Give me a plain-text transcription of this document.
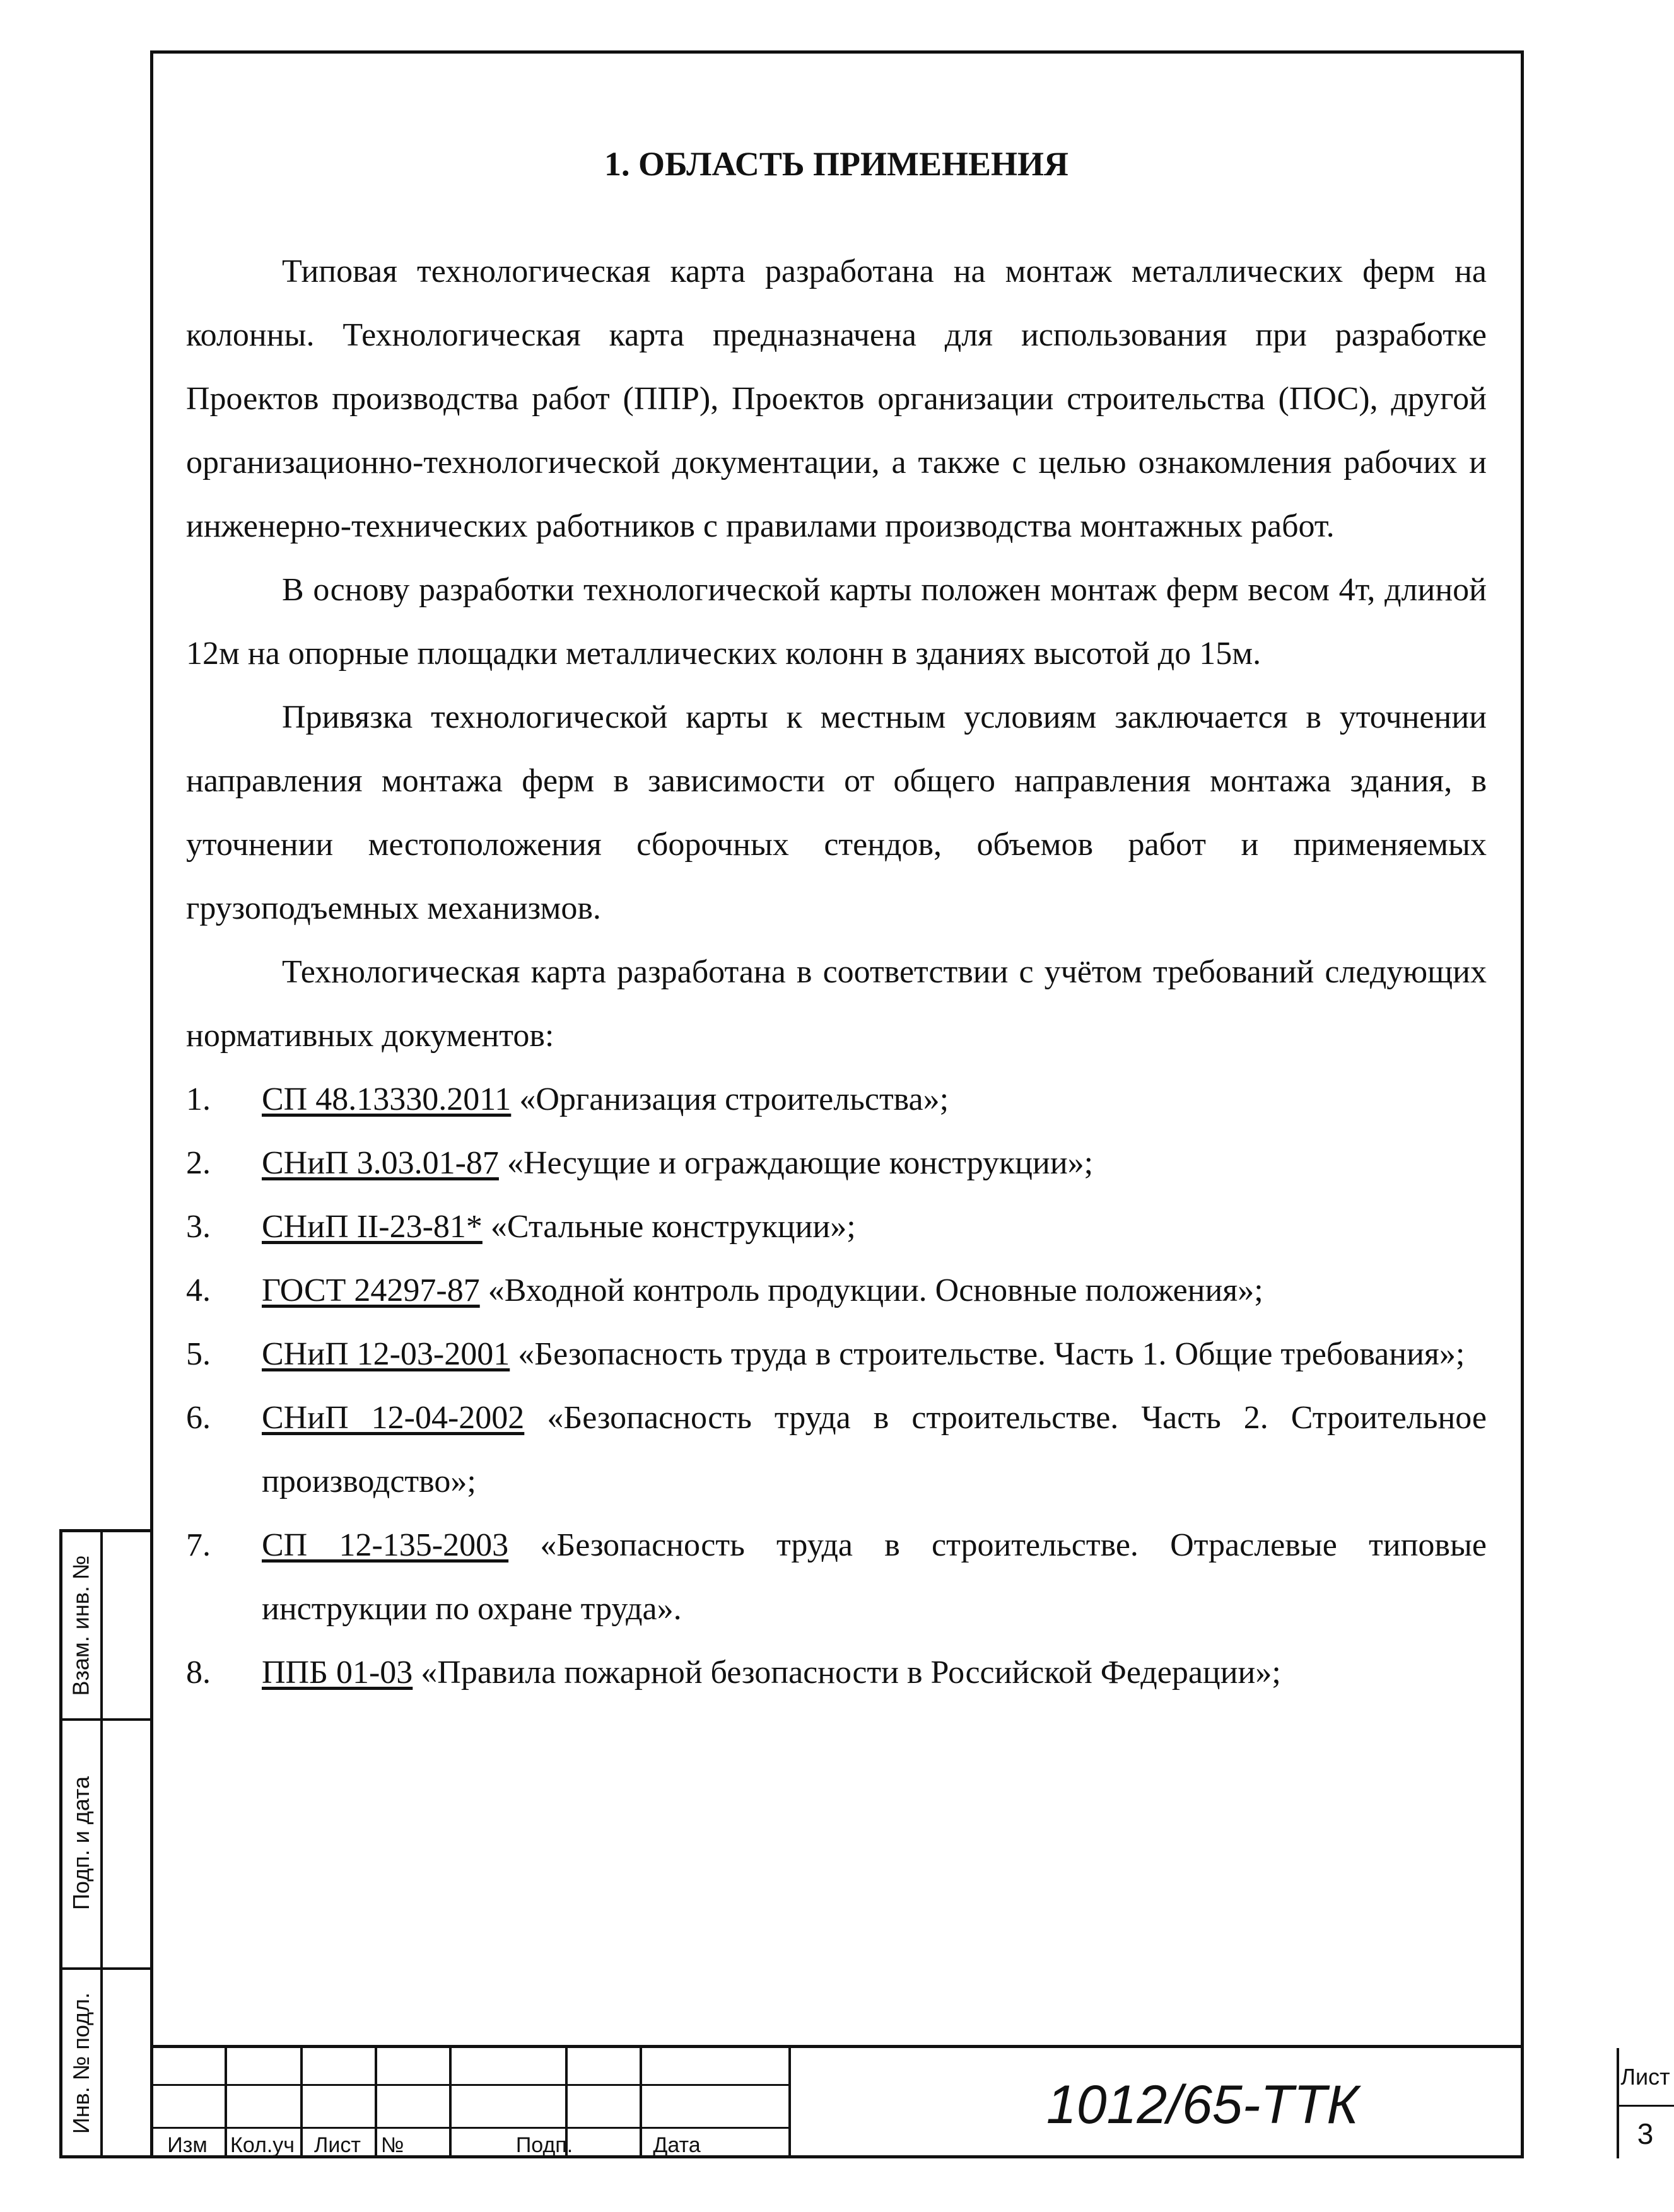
1. ОБЛАСТЬ ПРИМЕНЕНИЯ

Типовая технологическая карта разработана на монтаж металлических ферм на колонны. Технологическая карта предназначена для использования при разработке Проектов производства работ (ППР), Проектов организации строительства (ПОС), другой организационно-технологической документации, а также с целью ознакомления рабочих и инженерно-технических работников с правилами производства монтажных работ.

В основу разработки технологической карты положен монтаж ферм весом 4т, длиной 12м на опорные площадки металлических колонн в зданиях высотой до 15м.

Привязка технологической карты к местным условиям заключается в уточнении направления монтажа ферм в зависимости от общего направления монтажа здания, в уточнении местоположения сборочных стендов, объемов работ и применяемых грузоподъемных механизмов.

Технологическая карта разработана в соответствии с учётом требований следующих нормативных документов:

1. СП 48.13330.2011 «Организация строительства»;
2. СНиП 3.03.01-87 «Несущие и ограждающие конструкции»;
3. СНиП II-23-81* «Стальные конструкции»;
4. ГОСТ 24297-87 «Входной контроль продукции. Основные положения»;
5. СНиП 12-03-2001 «Безопасность труда в строительстве. Часть 1. Общие требования»;
6. СНиП 12-04-2002 «Безопасность труда в строительстве. Часть 2. Строительное производство»;
7. СП 12-135-2003 «Безопасность труда в строительстве. Отраслевые типовые инструкции по охране труда».
8. ППБ 01-03 «Правила пожарной безопасности в Российской Федерации»;
Взам. инв. №
Подп. и дата
Инв. № подл.
Изм	Кол.уч Лист №	Подп.	Дата
1012/65-ТТК	Лист
3
